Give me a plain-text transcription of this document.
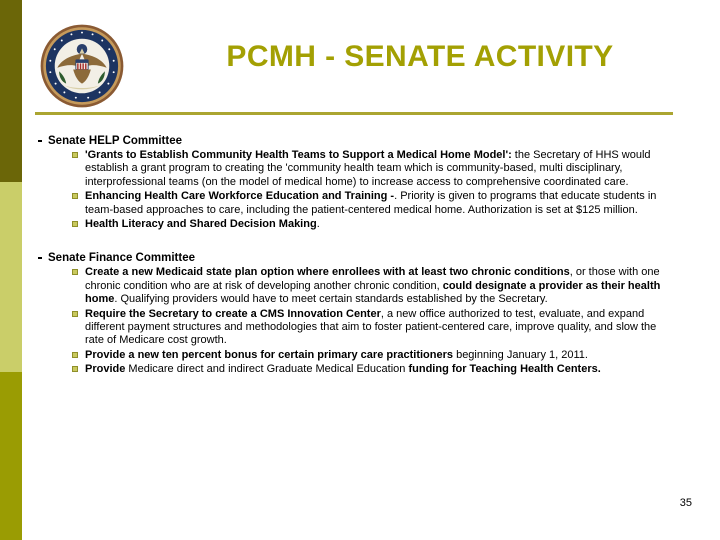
PCMH - SENATE ACTIVITY
Senate HELP Committee
'Grants to Establish Community Health Teams to Support a Medical Home Model': the Secretary of HHS would establish a grant program to creating the 'community health team which is community-based, multi disciplinary, interprofessional teams (on the model of medical home) to increase access to comprehensive coordinated care.
Enhancing Health Care Workforce Education and Training -. Priority is given to programs that educate students in team-based approaches to care, including the patient-centered medical home. Authorization is set at $125 million.
Health Literacy and Shared Decision Making.
Senate Finance Committee
Create a new Medicaid state plan option where enrollees with at least two chronic conditions, or those with one chronic condition who are at risk of developing another chronic condition, could designate a provider as their health home. Qualifying providers would have to meet certain standards established by the Secretary.
Require the Secretary to create a CMS Innovation Center, a new office authorized to test, evaluate, and expand different payment structures and methodologies that aim to foster patient-centered care, improve quality, and slow the rate of Medicare cost growth.
Provide a new ten percent bonus for certain primary care practitioners beginning January 1, 2011.
Provide Medicare direct and indirect Graduate Medical Education funding for Teaching Health Centers.
35
